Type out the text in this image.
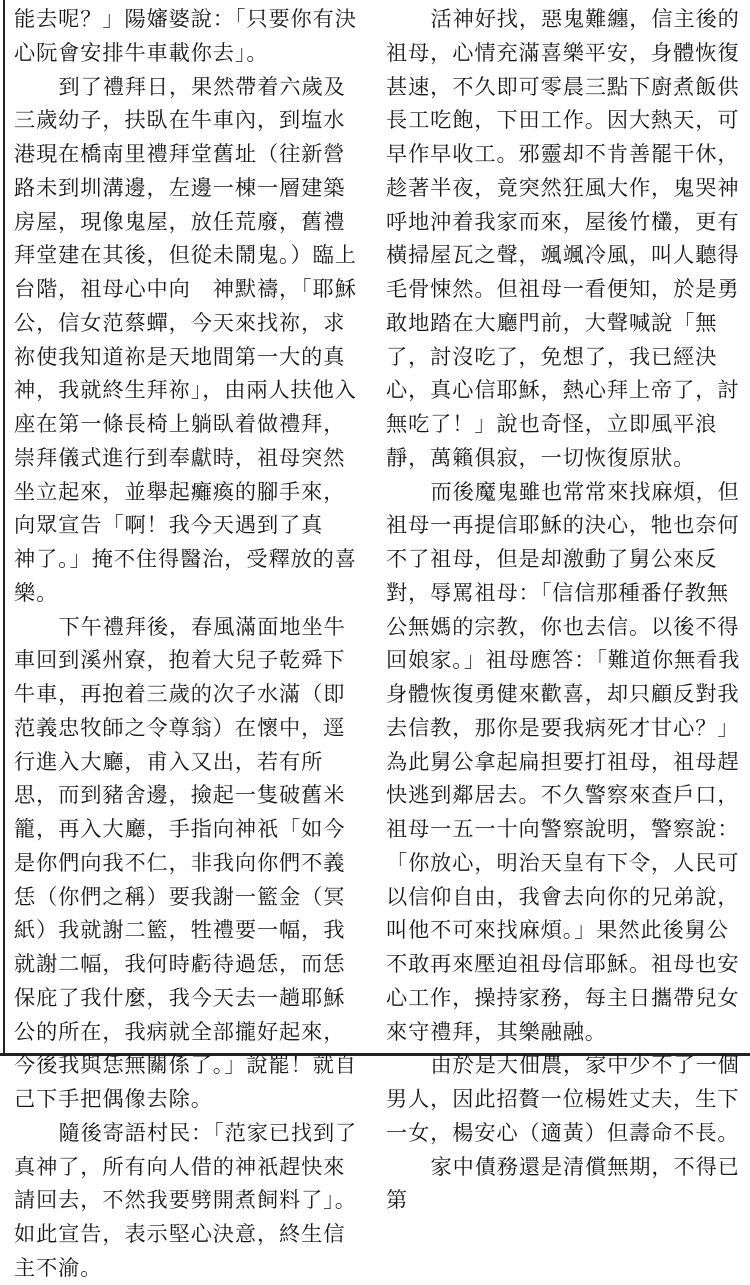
能去呢？」陽嬸婆說：「只要你有決心阮會安排牛車載你去」。

到了禮拜日，果然帶着六歲及三歲幼子，扶臥在牛車內，到塩水港現在橋南里禮拜堂舊址（往新營路未到圳溝邊，左邊一棟一層建築房屋，現像鬼屋，放任荒廢，舊禮拜堂建在其後，但從未鬧鬼。）臨上台階，祖母心中向　神默禱，「耶穌公，信女范蔡蟬，今天來找祢，求祢使我知道祢是天地間第一大的真　神，我就終生拜祢」，由兩人扶他入座在第一條長椅上躺臥着做禮拜，崇拜儀式進行到奉獻時，祖母突然坐立起來，並舉起癱瘓的腳手來，向眾宣告「啊！我今天遇到了真　神了。」掩不住得醫治，受釋放的喜樂。

下午禮拜後，春風滿面地坐牛車回到溪州寮，抱着大兒子乾舜下牛車，再抱着三歲的次子水滿（即范義忠牧師之令尊翁）在懷中，逕行進入大廳，甫入又出，若有所思，而到豬舍邊，撿起一隻破舊米籠，再入大廳，手指向神祇「如今是你們向我不仁，非我向你們不義恁（你們之稱）要我謝一籃金（冥紙）我就謝二籃，牲禮要一幅，我就謝二幅，我何時虧待過恁，而恁保庇了我什麼，我今天去一趟耶穌公的所在，我病就全部攏好起來，今後我與恁無關係了。」說罷！就自己下手把偶像去除。

隨後寄語村民：「范家已找到了真神了，所有向人借的神祇趕快來請回去，不然我要劈開煮飼料了」。如此宣告，表示堅心決意，終生信主不渝。

活神好找，惡鬼難纏，信主後的祖母，心情充滿喜樂平安，身體恢復甚速，不久即可零晨三點下廚煮飯供長工吃飽，下田工作。因大熱天，可早作早收工。邪靈却不肯善罷干休，趁著半夜，竟突然狂風大作，鬼哭神呼地沖着我家而來，屋後竹欉，更有橫掃屋瓦之聲，颯颯冷風，叫人聽得毛骨悚然。但祖母一看便知，於是勇敢地踏在大廳門前，大聲喊說「無了，討沒吃了，免想了，我已經決心，真心信耶穌，熱心拜上帝了，討無吃了！」說也奇怪，立即風平浪靜，萬籟俱寂，一切恢復原狀。

而後魔鬼雖也常常來找麻煩，但祖母一再提信耶穌的決心，牠也奈何不了祖母，但是却激動了舅公來反對，辱罵祖母：「信信那種番仔教無公無媽的宗教，你也去信。以後不得回娘家。」祖母應答：「難道你無看我身體恢復勇健來歡喜，却只顧反對我去信教，那你是要我病死才甘心？」為此舅公拿起扁担要打祖母，祖母趕快逃到鄰居去。不久警察來查戶口，祖母一五一十向警察說明，警察說：「你放心，明治天皇有下令，人民可以信仰自由，我會去向你的兄弟說，叫他不可來找麻煩。」果然此後舅公不敢再來壓迫祖母信耶穌。祖母也安心工作，操持家務，每主日攜帶兒女來守禮拜，其樂融融。

由於是大佃農，家中少不了一個男人，因此招贅一位楊姓丈夫，生下一女，楊安心（適黃）但壽命不長。

家中債務還是清償無期，不得已第
